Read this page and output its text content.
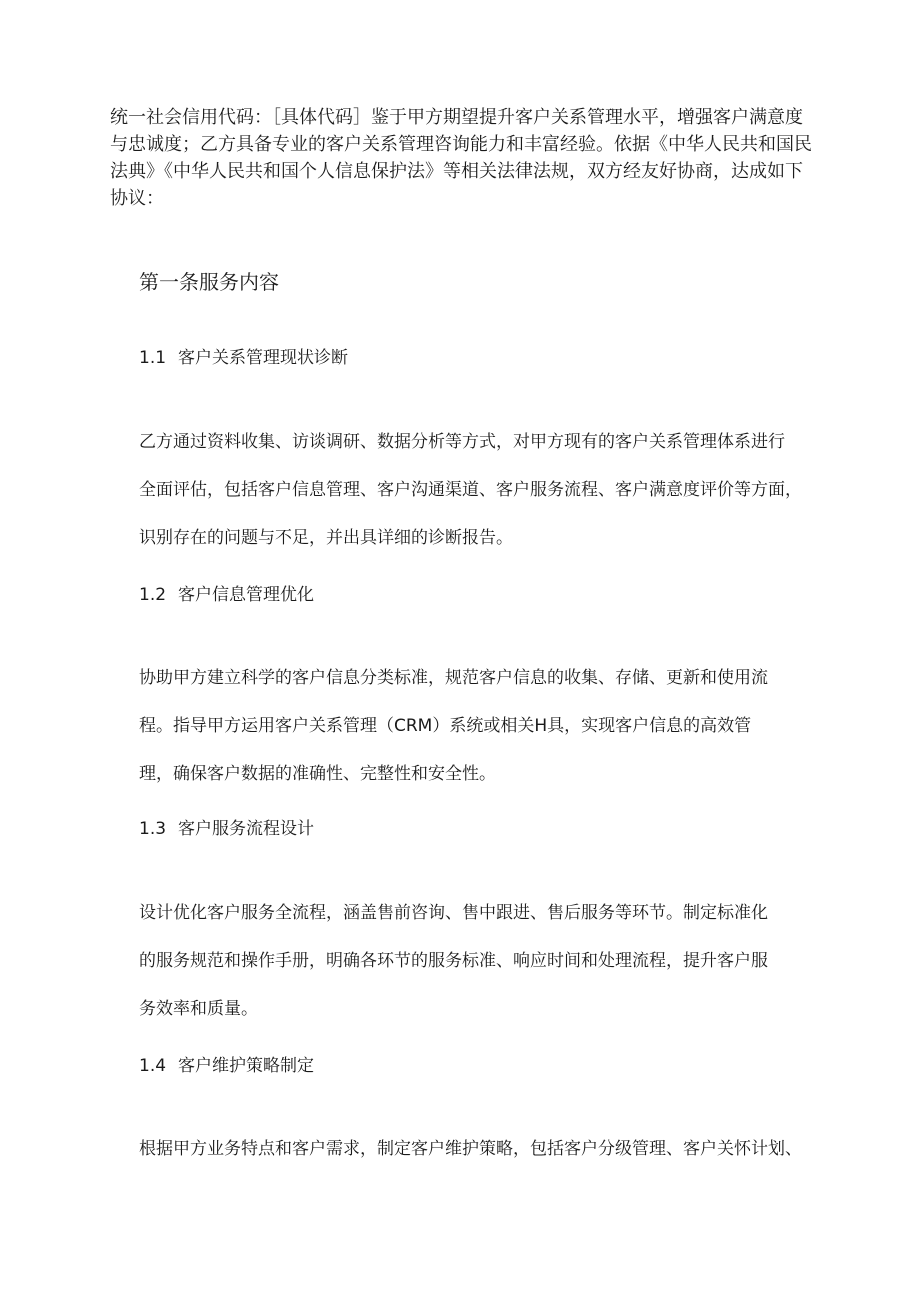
统一社会信用代码：［具体代码］鉴于甲方期望提升客户关系管理水平，增强客户满意度
与忠诚度；乙方具备专业的客户关系管理咨询能力和丰富经验。依据《中华人民共和国民
法典》《中华人民共和国个人信息保护法》等相关法律法规，双方经友好协商，达成如下
协议：
第一条服务内容
1.1 客户关系管理现状诊断
乙方通过资料收集、访谈调研、数据分析等方式，对甲方现有的客户关系管理体系进行
全面评估，包括客户信息管理、客户沟通渠道、客户服务流程、客户满意度评价等方面，
识别存在的问题与不足，并出具详细的诊断报告。
1.2 客户信息管理优化
协助甲方建立科学的客户信息分类标准，规范客户信息的收集、存储、更新和使用流
程。指导甲方运用客户关系管理（CRM）系统或相关H具，实现客户信息的高效管
理，确保客户数据的准确性、完整性和安全性。
1.3 客户服务流程设计
设计优化客户服务全流程，涵盖售前咨询、售中跟进、售后服务等环节。制定标准化
的服务规范和操作手册，明确各环节的服务标准、响应时间和处理流程，提升客户服
务效率和质量。
1.4 客户维护策略制定
根据甲方业务特点和客户需求，制定客户维护策略，包括客户分级管理、客户关怀计划、
